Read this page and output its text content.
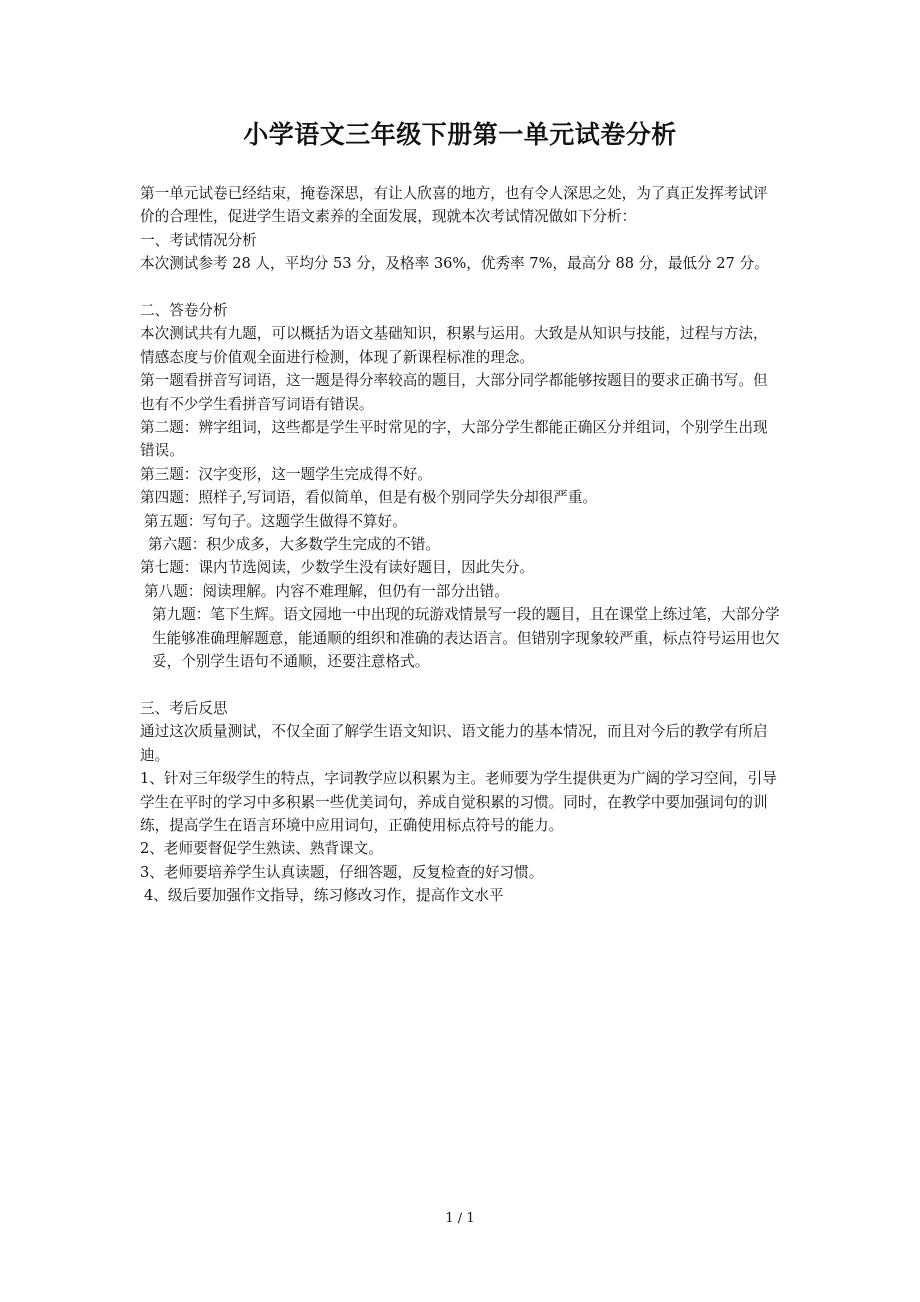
小学语文三年级下册第一单元试卷分析

第一单元试卷已经结束，掩卷深思，有让人欣喜的地方，也有令人深思之处，为了真正发挥考试评价的合理性，促进学生语文素养的全面发展，现就本次考试情况做如下分析：

一、考试情况分析

本次测试参考 28 人，平均分 53 分，及格率 36%，优秀率 7%，最高分 88 分，最低分 27 分。

二、答卷分析

本次测试共有九题，可以概括为语文基础知识，积累与运用。大致是从知识与技能，过程与方法，情感态度与价值观全面进行检测，体现了新课程标准的理念。

第一题看拼音写词语，这一题是得分率较高的题目，大部分同学都能够按题目的要求正确书写。但也有不少学生看拼音写词语有错误。

第二题：辨字组词，这些都是学生平时常见的字，大部分学生都能正确区分并组词，个别学生出现错误。

第三题：汉字变形，这一题学生完成得不好。

第四题：照样子,写词语，看似简单，但是有极个别同学失分却很严重。

第五题：写句子。这题学生做得不算好。

第六题：积少成多，大多数学生完成的不错。

第七题：课内节选阅读，少数学生没有读好题目，因此失分。

第八题：阅读理解。内容不难理解，但仍有一部分出错。

第九题：笔下生辉。语文园地一中出现的玩游戏情景写一段的题目，且在课堂上练过笔，大部分学生能够准确理解题意，能通顺的组织和准确的表达语言。但错别字现象较严重，标点符号运用也欠妥，个别学生语句不通顺，还要注意格式。

三、考后反思

通过这次质量测试，不仅全面了解学生语文知识、语文能力的基本情况，而且对今后的教学有所启迪。

1、针对三年级学生的特点，字词教学应以积累为主。老师要为学生提供更为广阔的学习空间，引导学生在平时的学习中多积累一些优美词句，养成自觉积累的习惯。同时，在教学中要加强词句的训练，提高学生在语言环境中应用词句，正确使用标点符号的能力。

2、老师要督促学生熟读、熟背课文。

3、老师要培养学生认真读题，仔细答题，反复检查的好习惯。

4、级后要加强作文指导，练习修改习作，提高作文水平

1 / 1
